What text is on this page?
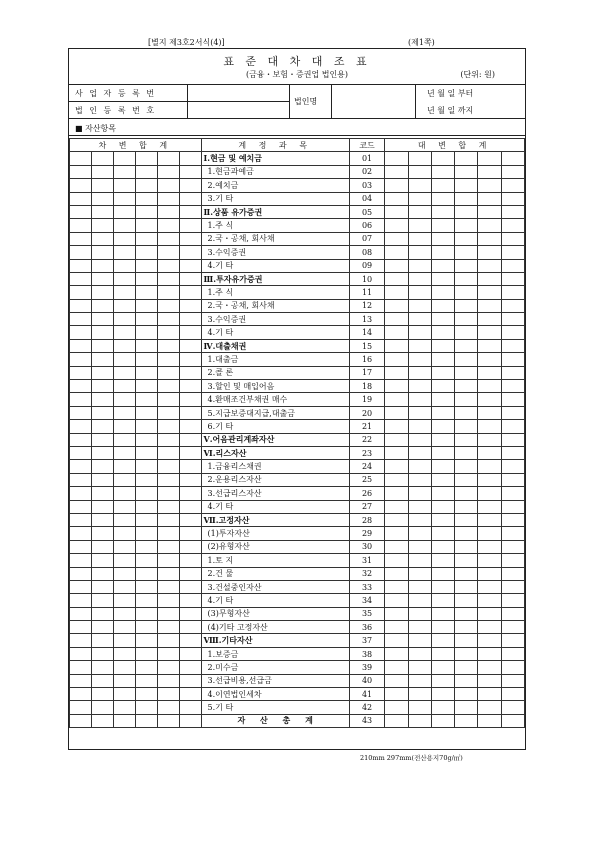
[별지 제3호2서식(4)]	(제1쪽)
표 준 대 차 대 조 표
(금융・보험・증권업 법인용)	(단위: 원)
사 업 자 등 록 번
법 인 등 록 번 호
법인명
년 월 일 부터
년 월 일 까지
■ 자산항목
차 변 합 계						계 정 과 목	코드	대 변 합 계					
						Ⅰ.현금 및 예치금	01						
						1.현금과예금	02						
						2.예치금	03						
						3.기 타	04						
						Ⅱ.상품 유가증권	05						
						1.주 식	06						
						2.국・공채, 회사채	07						
						3.수익증권	08						
						4.기 타	09						
						Ⅲ.투자유가증권	10						
						1.주 식	11						
						2.국・공채, 회사채	12						
						3.수익증권	13						
						4.기 타	14						
						Ⅳ.대출채권	15						
						1.대출금	16						
						2.콜 론	17						
						3.할인 및 매입어음	18						
						4.환매조건부채권 매수	19						
						5.지급보증대지급,대출금	20						
						6.기 타	21						
						Ⅴ.어음관리계좌자산	22						
						Ⅵ.리스자산	23						
						1.금융리스채권	24						
						2.운용리스자산	25						
						3.선급리스자산	26						
						4.기 타	27						
						Ⅶ.고정자산	28						
						(1)투자자산	29						
						(2)유형자산	30						
						1.토 지	31						
						2.건 물	32						
						3.건설중인자산	33						
						4.기 타	34						
						(3)무형자산	35						
						(4)기타 고정자산	36						
						Ⅷ.기타자산	37						
						1.보증금	38						
						2.미수금	39						
						3.선급비용,선급금	40						
						4.이연법인세차	41						
						5.기 타	42						
						자 산 총 계	43						
210mm 297mm(전산용지70g/㎡)
